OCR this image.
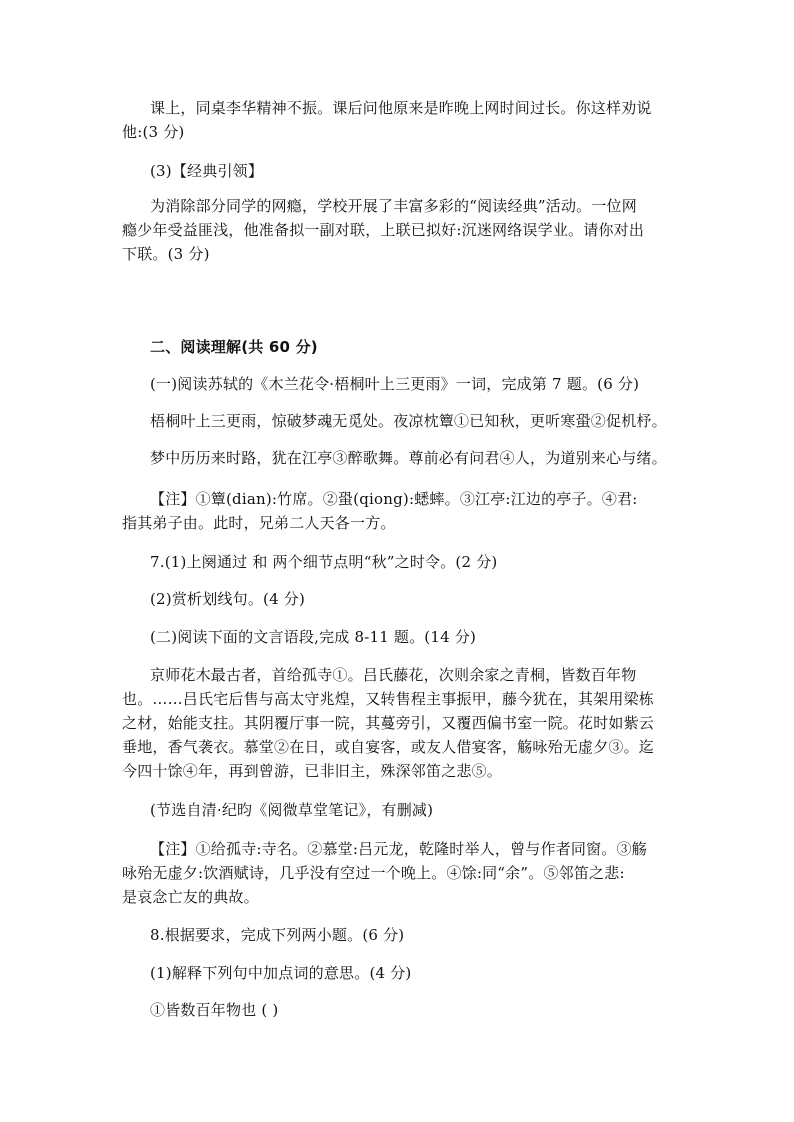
课上，同桌李华精神不振。课后问他原来是昨晚上网时间过长。你这样劝说

他:(3 分)

(3)【经典引领】

为消除部分同学的网瘾，学校开展了丰富多彩的“阅读经典”活动。一位网

瘾少年受益匪浅，他准备拟一副对联，上联已拟好:沉迷网络误学业。请你对出

下联。(3 分)

二、阅读理解(共 60 分)

(一)阅读苏轼的《木兰花令·梧桐叶上三更雨》一词，完成第 7 题。(6 分)

梧桐叶上三更雨，惊破梦魂无觅处。夜凉枕簟①已知秋，更听寒蛩②促机杼。

梦中历历来时路，犹在江亭③醉歌舞。尊前必有问君④人，为道别来心与绪。

【注】①簟(dian):竹席。②蛩(qiong):蟋蟀。③江亭:江边的亭子。④君:

指其弟子由。此时，兄弟二人天各一方。

7.(1)上阕通过 和 两个细节点明“秋”之时令。(2 分)

(2)赏析划线句。(4 分)

(二)阅读下面的文言语段,完成 8-11 题。(14 分)

京师花木最古者，首给孤寺①。吕氏藤花，次则余家之青桐，皆数百年物

也。……吕氏宅后售与高太守兆煌，又转售程主事振甲，藤今犹在，其架用梁栋

之材，始能支拄。其阴覆厅事一院，其蔓旁引，又覆西偏书室一院。花时如紫云

垂地，香气袭衣。慕堂②在日，或自宴客，或友人借宴客，觞咏殆无虚夕③。迄

今四十馀④年，再到曾游，已非旧主，殊深邻笛之悲⑤。

(节选自清·纪昀《阅微草堂笔记》，有删减)

【注】①给孤寺:寺名。②慕堂:吕元龙，乾隆时举人，曾与作者同窗。③觞

咏殆无虚夕:饮酒赋诗，几乎没有空过一个晚上。④馀:同“余”。⑤邻笛之悲:

是哀念亡友的典故。

8.根据要求，完成下列两小题。(6 分)

(1)解释下列句中加点词的意思。(4 分)

①皆数百年物也 ( )
